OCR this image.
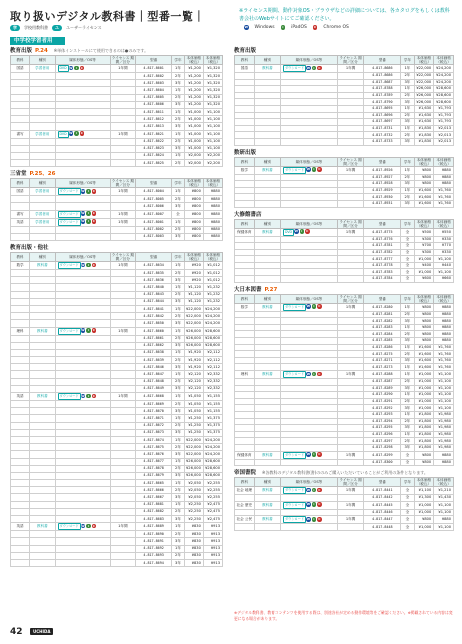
取り扱いデジタル教科書｜型番一覧｜	※ライセンス期間、動作対象OS・ブラウザなどの詳細については、各カタログをもしくは教科書会社のWebサイトにてご確認ください。
学	学校用教科書	ユ	ユーザーライセンス	W Windows	i	iPadOS	C Chrome OS
中学校学習者用
教育出版 P.24 ※単体インストールにて使用できるのは●のみです。
教科	種別	媒体形態／OS等	ライセンス 期間／区分	型番	学年	本体価格（税込）	本体価格（税込）
国語	学習者用	DVD W i C	1年間	4-817-8601	1年	¥1,200	¥1,320
				4-817-8602	2年	¥1,200	¥1,320
				4-817-8603	3年	¥1,200	¥1,320
				4-817-8604	1年	¥1,200	¥1,320
				4-817-8605	2年	¥1,200	¥1,320
				4-817-8606	3年	¥1,200	¥1,320
				4-817-8611	1年	¥1,000	¥1,100
				4-817-8612	2年	¥1,000	¥1,100
				4-817-8613	3年	¥1,000	¥1,100
書写	学習者用	DVD W i C	1年間	4-817-8621	1年	¥1,000	¥1,100
				4-817-8622	2年	¥1,000	¥1,100
				4-817-8623	3年	¥1,000	¥1,100
				4-817-8624	1年	¥2,000	¥2,200
				4-817-8625	2年	¥2,000	¥2,200
三省堂 P.25、26
教科	種別	媒体形態／OS等	ライセンス 期間／区分	型番	学年	本体価格（税込）	本体価格（税込）
国語	学習者用	ダウンロード W i C	1年間	4-817-8004	1年	¥800	¥880
				4-817-8005	2年	¥800	¥880
				4-817-8006	3年	¥800	¥880
書写	学習者用	ダウンロード W i C	1年間	4-817-8007	全	¥800	¥880
英語	学習者用	ダウンロード W i C	1年間	4-817-8001	1年	¥800	¥880
				4-817-8002	2年	¥800	¥880
				4-817-8003	3年	¥800	¥880
教育出版・他社
教科	種別	媒体形態／OS等	ライセンス 期間／区分	型番	学年	本体価格（税込）	本体価格（税込）
数学	教科書	ダウンロード W i C	1年間	4-817-8634	1年	¥920	¥1,012
				4-817-8635	2年	¥920	¥1,012
				4-817-8636	3年	¥920	¥1,012
				4-817-8640	1年	¥1,120	¥1,232
				4-817-8643	2年	¥1,120	¥1,232
				4-817-8644	3年	¥1,120	¥1,232
				4-817-8641	1年	¥22,000	¥24,200
				4-817-8642	2年	¥22,000	¥24,200
				4-817-8650	3年	¥22,000	¥24,200
理科	教科書	ダウンロード W i C	1年間	4-817-8660	1年	¥26,000	¥28,600
				4-817-8661	2年	¥26,000	¥28,600
				4-817-8662	3年	¥26,000	¥28,600
				4-817-8638	1年	¥1,920	¥2,112
				4-817-8639	2年	¥1,920	¥2,112
				4-817-8646	3年	¥1,920	¥2,112
				4-817-8647	1年	¥2,120	¥2,332
				4-817-8648	2年	¥2,120	¥2,332
				4-817-8649	3年	¥2,120	¥2,332
英語	教科書	ダウンロード W i C	1年間	4-817-8668	1年	¥1,050	¥1,155
				4-817-8669	2年	¥1,050	¥1,155
				4-817-8670	3年	¥1,050	¥1,155
				4-817-8671	1年	¥1,250	¥1,375
				4-817-8672	2年	¥1,250	¥1,375
				4-817-8673	3年	¥1,250	¥1,375
				4-817-8674	1年	¥22,000	¥24,200
				4-817-8675	2年	¥22,000	¥24,200
				4-817-8676	3年	¥22,000	¥24,200
				4-817-8677	1年	¥26,000	¥28,600
				4-817-8678	2年	¥26,000	¥28,600
				4-817-8679	3年	¥26,000	¥28,600
				4-817-8665	1年	¥2,050	¥2,255
				4-817-8666	2年	¥2,050	¥2,255
				4-817-8667	3年	¥2,050	¥2,255
				4-817-8681	1年	¥2,250	¥2,475
				4-817-8682	2年	¥2,250	¥2,475
				4-817-8683	3年	¥2,250	¥2,475
英語	教科書	ダウンロード W i C	1年間	4-817-8689	1年	¥830	¥913
				4-817-8690	2年	¥830	¥913
				4-817-8691	3年	¥830	¥913
				4-817-8692	1年	¥830	¥913
				4-817-8693	2年	¥830	¥913
				4-817-8694	3年	¥830	¥913
教育出版
教科	種別	媒体形態／OS等	ライセンス 期間／区分	型番	学年	本体価格（税込）	本体価格（税込）
国語	教科書	ダウンロード W i C	1年間	4-817-8686	1年	¥22,000	¥24,200
				4-817-8686	2年	¥22,000	¥24,200
				4-817-8687	3年	¥22,000	¥24,200
				4-817-8788	1年	¥26,000	¥28,600
				4-817-8789	2年	¥26,000	¥28,600
				4-817-8790	3年	¥26,000	¥28,600
				4-817-8695	1年	¥1,630	¥1,793
				4-817-8696	2年	¥1,630	¥1,793
				4-817-8697	3年	¥1,630	¥1,793
				4-817-8731	1年	¥1,830	¥2,013
				4-817-8732	2年	¥1,830	¥2,013
				4-817-8733	3年	¥1,830	¥2,013
数研出版
教科	種別	媒体形態／OS等	ライセンス 期間／区分	型番	学年	本体価格（税込）	本体価格（税込）
数学	教科書	ダウンロード W i C	1年間	4-817-8926	1年	¥800	¥880
				4-817-8927	2年	¥800	¥880
				4-817-8928	3年	¥800	¥880
				4-817-8929	1年	¥1,600	¥1,760
				4-817-8930	2年	¥1,600	¥1,760
				4-817-8931	3年	¥1,600	¥1,760
大修館書店
教科	種別	媒体形態／OS等	ライセンス 期間／区分	型番	学年	本体価格（税込）	本体価格（税込）
保健体育	教科書	DVD W i C	1年間	4-817-8775	全	¥500	¥550
				4-817-8776	全	¥300	¥330
				4-817-8781	全	¥700	¥770
				4-817-8782	全	¥300	¥330
				4-817-8777	全	¥1,000	¥1,100
				4-817-8778	全	¥400	¥440
				4-817-8783	全	¥1,000	¥1,100
				4-817-8784	全	¥600	¥660
大日本図書 P.27
教科	種別	媒体形態／OS等	ライセンス 期間／区分	型番	学年	本体価格（税込）	本体価格（税込）
数学	教科書	ダウンロード W i C	1年間	4-817-8280	1年	¥800	¥880
				4-817-8281	2年	¥800	¥880
				4-817-8282	3年	¥800	¥880
				4-817-8283	1年	¥800	¥880
				4-817-8284	2年	¥800	¥880
				4-817-8285	3年	¥800	¥880
				4-817-8286	1年	¥1,600	¥1,760
				4-817-8275	2年	¥1,600	¥1,760
				4-817-8271	3年	¥1,600	¥1,760
				4-817-8273	1年	¥1,600	¥1,760
理科	教科書	ダウンロード W i C	1年間	4-817-8288	1年	¥1,000	¥1,100
				4-817-8287	2年	¥1,000	¥1,100
				4-817-8289	3年	¥1,000	¥1,100
				4-817-8290	1年	¥1,000	¥1,100
				4-817-8291	2年	¥1,000	¥1,100
				4-817-8292	3年	¥1,000	¥1,100
				4-817-8293	1年	¥1,800	¥1,980
				4-817-8294	2年	¥1,800	¥1,980
				4-817-8295	3年	¥1,800	¥1,980
				4-817-8296	1年	¥1,800	¥1,980
				4-817-8297	2年	¥1,800	¥1,980
				4-817-8298	3年	¥1,800	¥1,980
保健体育	教科書	ダウンロード W i C	1年間	4-817-8299	全	¥800	¥880
				4-817-8300	全	¥800	¥880
帝国書院 ※各教科のデジタル教科書(書)ののみご購入いただいていることがご利用の条件となります。
教科	種別	媒体形態／OS等	ライセンス 期間／区分	型番	学年	本体価格（税込）	本体価格（税込）
社会 地理	教科書	ダウンロード W i C	1年間	4-817-8441	全	¥1,100	¥1,210
				4-817-8442	全	¥1,300	¥1,430
社会 歴史	教科書	ダウンロード W i C	1年間	4-817-8445	全	¥1,000	¥1,100
				4-817-8446	全	¥1,000	¥1,100
社会 公民	教科書	ダウンロード W i C	1年間	4-817-8447	全	¥800	¥880
				4-817-8448	全	¥1,000	¥1,100
※デジタル教科書、教育コンテンツを使用する際は、別途各社が定める動作環境等をご確認ください。※掲載されている内容は変更になる場合があります。
42	UCHIDA
